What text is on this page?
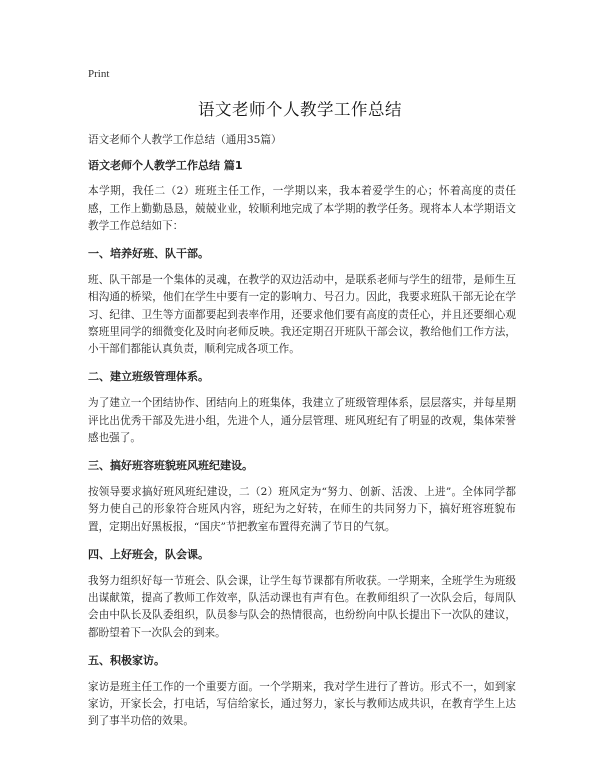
Print
语文老师个人教学工作总结

语文老师个人教学工作总结（通用35篇）

语文老师个人教学工作总结 篇1

本学期，我任二（2）班班主任工作，一学期以来，我本着爱学生的心；怀着高度的责任感，工作上勤勤恳恳，兢兢业业，较顺利地完成了本学期的教学任务。现将本人本学期语文教学工作总结如下：

一、培养好班、队干部。

班、队干部是一个集体的灵魂，在教学的双边活动中，是联系老师与学生的纽带，是师生互相沟通的桥梁，他们在学生中要有一定的影响力、号召力。因此，我要求班队干部无论在学习、纪律、卫生等方面都要起到表率作用，还要求他们要有高度的责任心，并且还要细心观察班里同学的细微变化及时向老师反映。我还定期召开班队干部会议，教给他们工作方法，小干部们都能认真负责，顺利完成各项工作。

二、建立班级管理体系。

为了建立一个团结协作、团结向上的班集体，我建立了班级管理体系，层层落实，并每星期评比出优秀干部及先进小组，先进个人，通分层管理、班风班纪有了明显的改观，集体荣誉感也强了。

三、搞好班容班貌班风班纪建设。

按领导要求搞好班风班纪建设，二（2）班风定为“努力、创新、活泼、上进”。全体同学都努力使自己的形象符合班风内容，班纪为之好转，在师生的共同努力下，搞好班容班貌布置，定期出好黑板报，“国庆”节把教室布置得充满了节日的气氛。

四、上好班会，队会课。

我努力组织好每一节班会、队会课，让学生每节课都有所收获。一学期来，全班学生为班级出谋献策，提高了教师工作效率，队活动课也有声有色。在教师组织了一次队会后，每周队会由中队长及队委组织，队员参与队会的热情很高，也纷纷向中队长提出下一次队的建议，都盼望着下一次队会的到来。

五、积极家访。

家访是班主任工作的一个重要方面。一个学期来，我对学生进行了普访。形式不一，如到家家访，开家长会，打电话，写信给家长，通过努力，家长与教师达成共识，在教育学生上达到了事半功倍的效果。
